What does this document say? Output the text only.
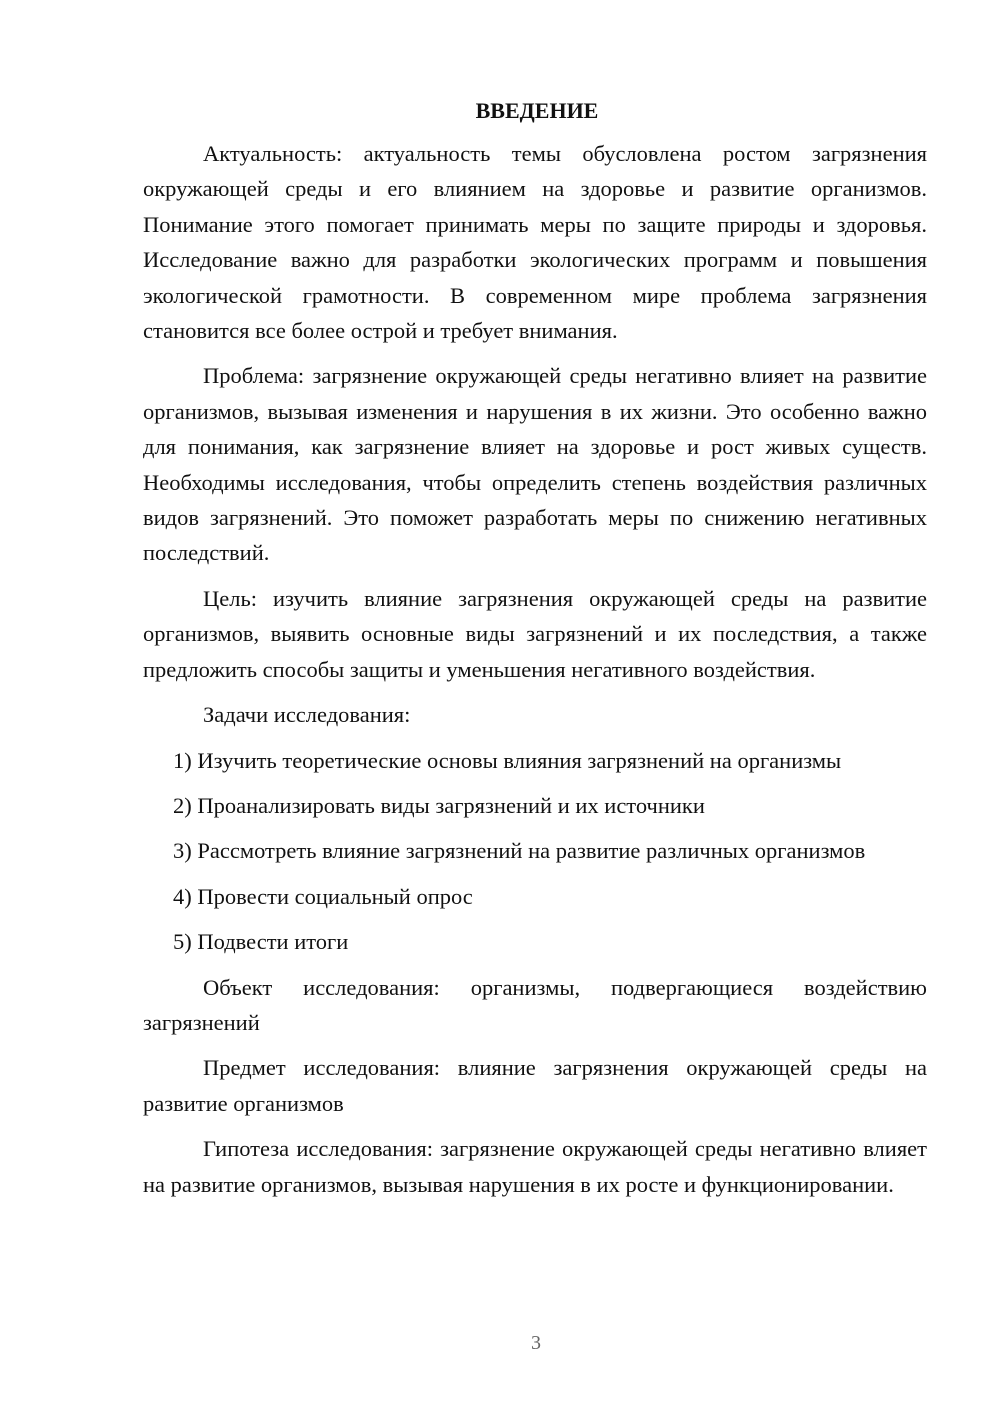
ВВЕДЕНИЕ

Актуальность: актуальность темы обусловлена ростом загрязнения окружающей среды и его влиянием на здоровье и развитие организмов. Понимание этого помогает принимать меры по защите природы и здоровья. Исследование важно для разработки экологических программ и повышения экологической грамотности. В современном мире проблема загрязнения становится все более острой и требует внимания.

Проблема: загрязнение окружающей среды негативно влияет на развитие организмов, вызывая изменения и нарушения в их жизни. Это особенно важно для понимания, как загрязнение влияет на здоровье и рост живых существ. Необходимы исследования, чтобы определить степень воздействия различных видов загрязнений. Это поможет разработать меры по снижению негативных последствий.

Цель: изучить влияние загрязнения окружающей среды на развитие организмов, выявить основные виды загрязнений и их последствия, а также предложить способы защиты и уменьшения негативного воздействия.

Задачи исследования:

1) Изучить теоретические основы влияния загрязнений на организмы
2) Проанализировать виды загрязнений и их источники
3) Рассмотреть влияние загрязнений на развитие различных организмов
4) Провести социальный опрос
5) Подвести итоги

Объект исследования: организмы, подвергающиеся воздействию загрязнений

Предмет исследования: влияние загрязнения окружающей среды на развитие организмов

Гипотеза исследования: загрязнение окружающей среды негативно влияет на развитие организмов, вызывая нарушения в их росте и функционировании.

3
